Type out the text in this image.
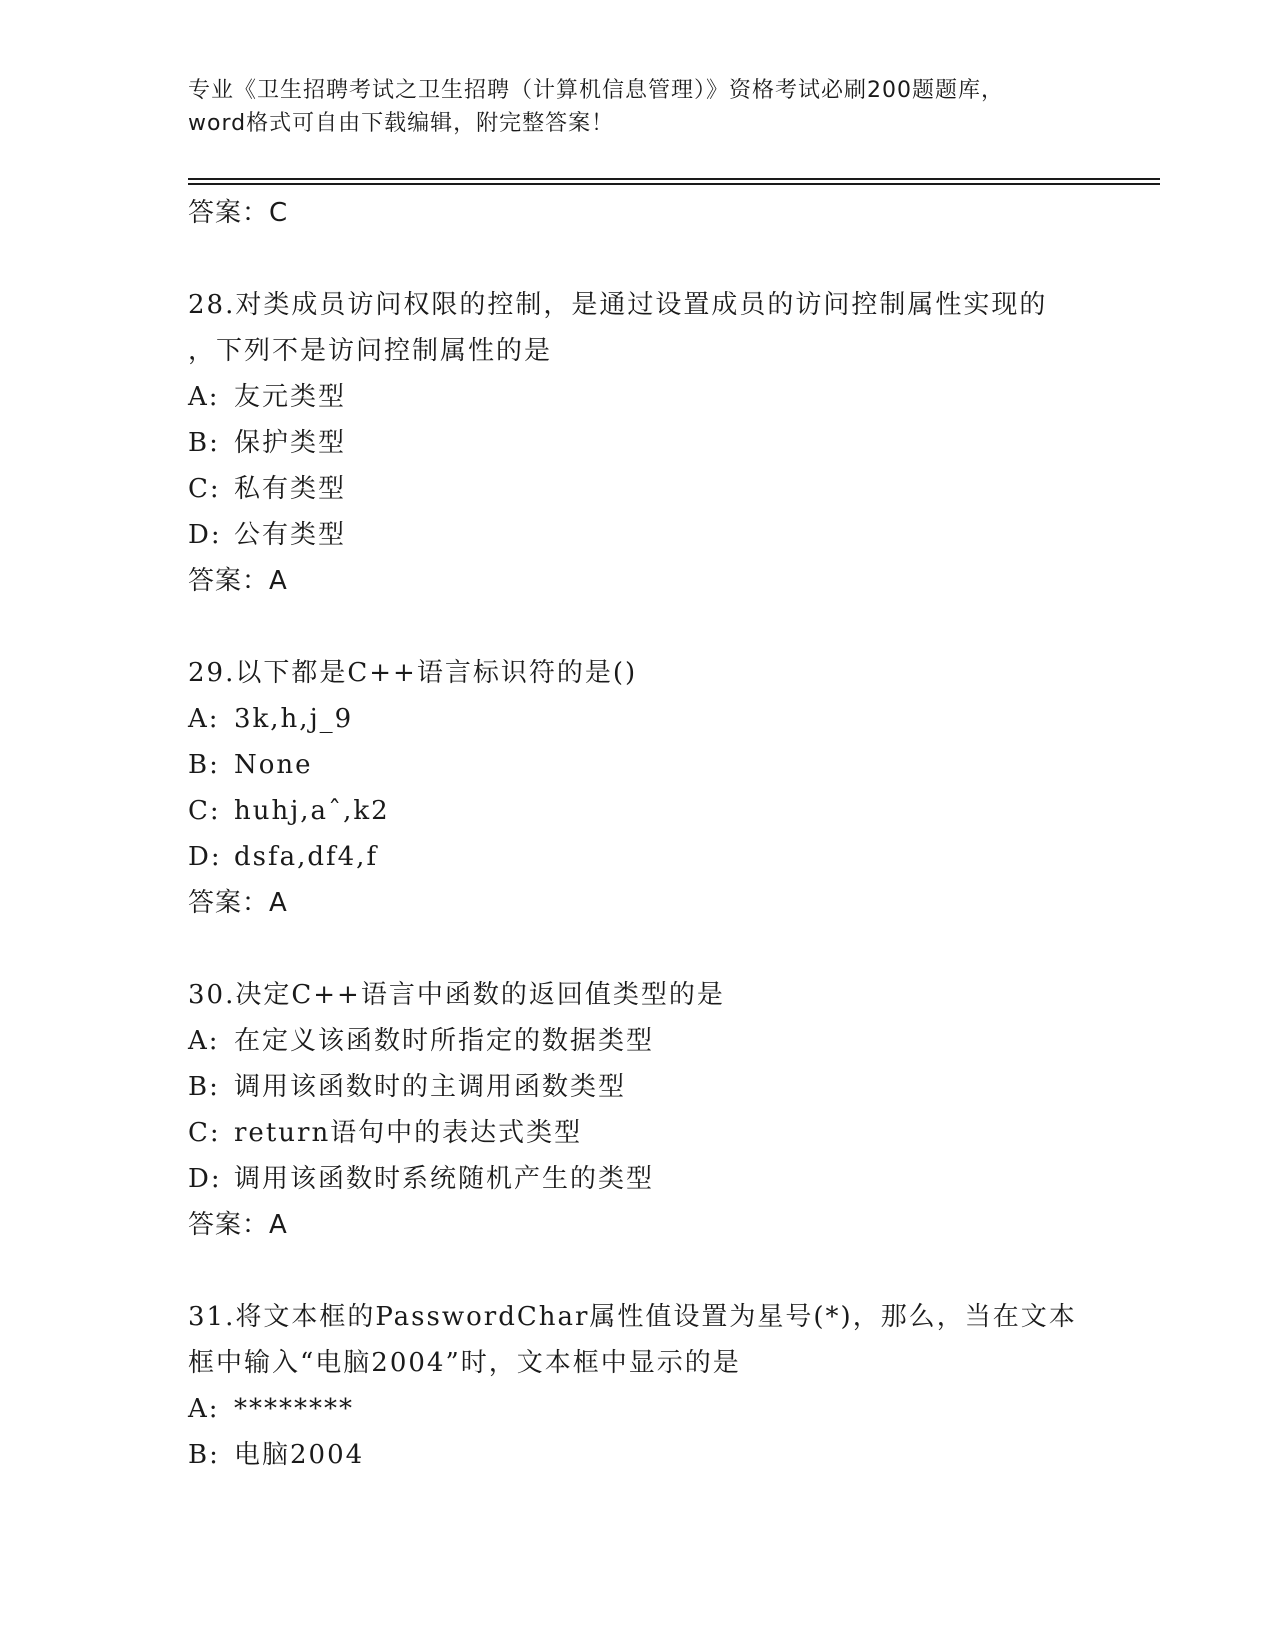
专业《卫生招聘考试之卫生招聘（计算机信息管理）》资格考试必刷200题题库，
word格式可自由下载编辑，附完整答案！
答案：C
28.对类成员访问权限的控制，是通过设置成员的访问控制属性实现的
，下列不是访问控制属性的是
A: 友元类型
B: 保护类型
C: 私有类型
D: 公有类型
答案：A
29.以下都是C++语言标识符的是()
A: 3k,h,j_9
B: None
C: huhj,aˆ,k2
D: dsfa,df4,f
答案：A
30.决定C++语言中函数的返回值类型的是
A: 在定义该函数时所指定的数据类型
B: 调用该函数时的主调用函数类型
C: return语句中的表达式类型
D: 调用该函数时系统随机产生的类型
答案：A
31.将文本框的PasswordChar属性值设置为星号(*)，那么，当在文本
框中输入“电脑2004”时，文本框中显示的是
A: ********
B: 电脑2004
